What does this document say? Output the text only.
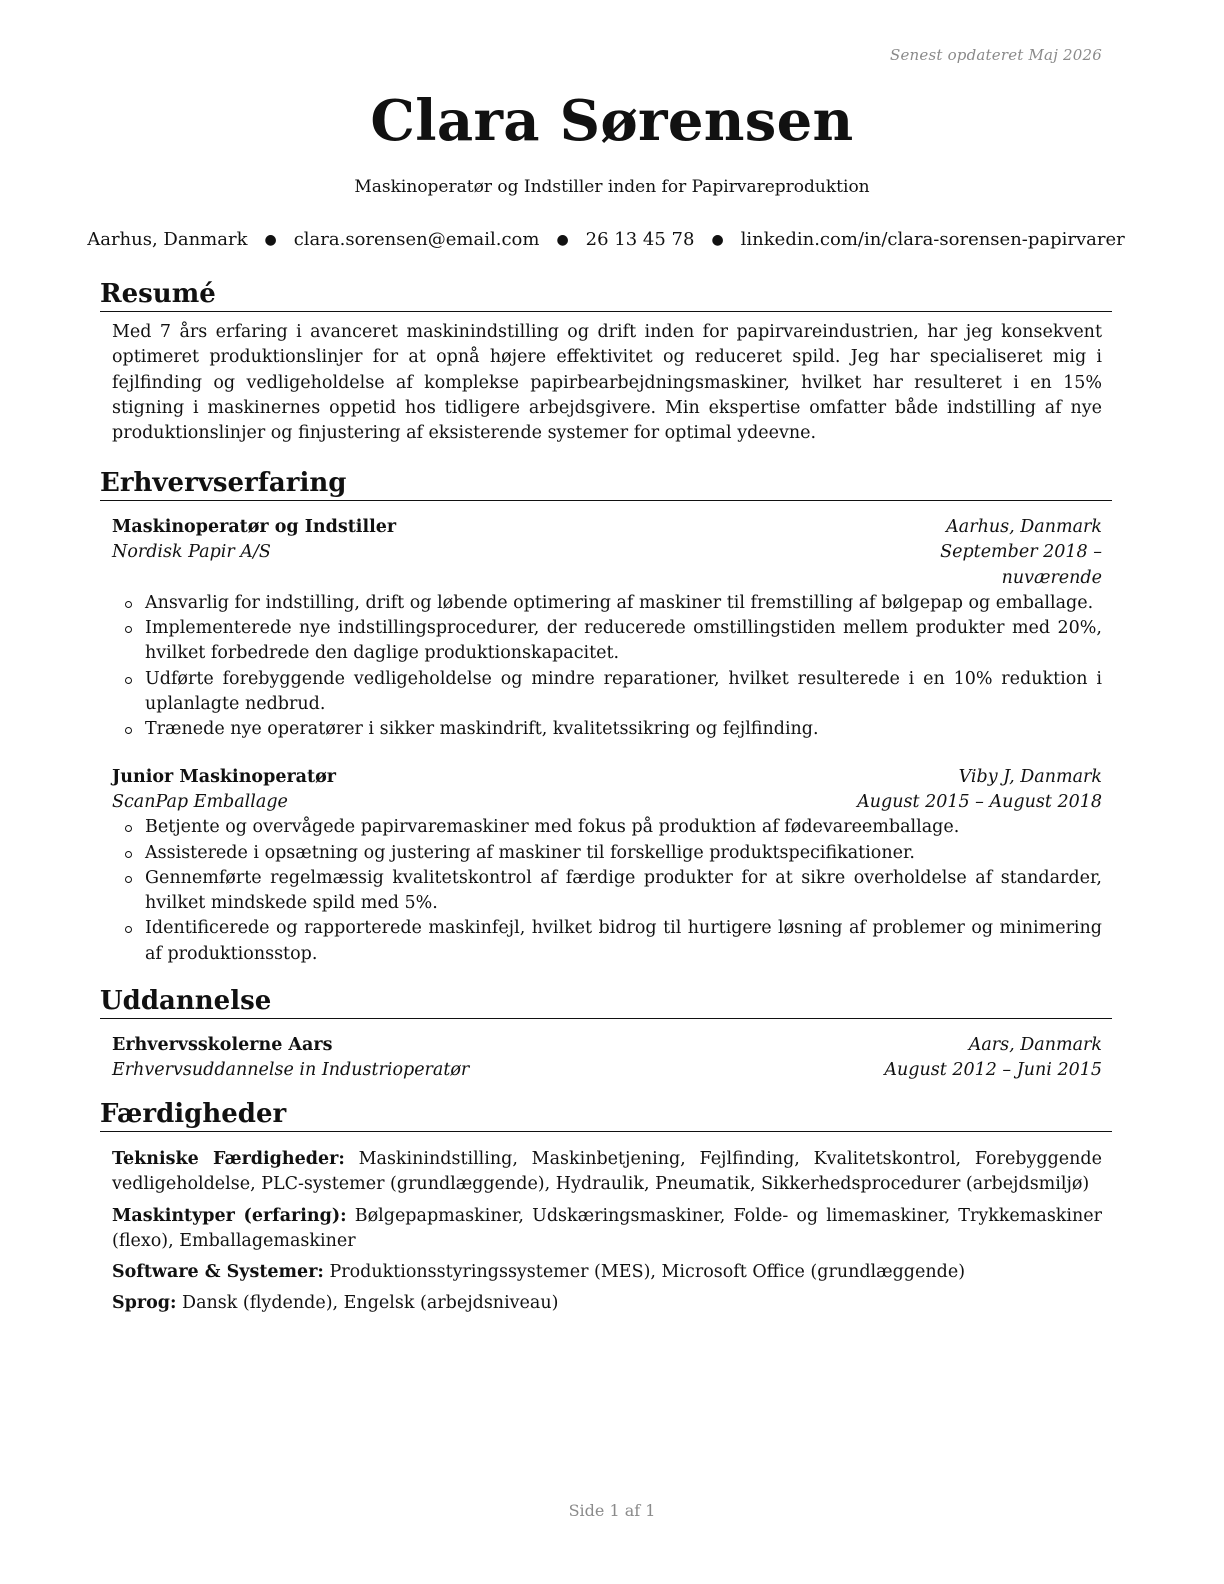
Senest opdateret Maj 2026
Clara Sørensen
Maskinoperatør og Indstiller inden for Papirvareproduktion
Aarhus, Danmark ● clara.sorensen@email.com ● 26 13 45 78 ● linkedin.com/in/clara-sorensen-papirvarer
Resumé

Med 7 års erfaring i avanceret maskinindstilling og drift inden for papirvareindustrien, har jeg konsekvent optimeret produktionslinjer for at opnå højere effektivitet og reduceret spild. Jeg har specialiseret mig i fejlfinding og vedligeholdelse af komplekse papirbearbejdningsmaskiner, hvilket har resulteret i en 15% stigning i maskinernes oppetid hos tidligere arbejdsgivere. Min ekspertise omfatter både indstilling af nye produktionslinjer og finjustering af eksisterende systemer for optimal ydeevne.

Erhvervserfaring
Maskinoperatør og Indstiller	Aarhus, Danmark
Nordisk Papir A/S	September 2018 – nuværende
Ansvarlig for indstilling, drift og løbende optimering af maskiner til fremstilling af bølgepap og emballage.
Implementerede nye indstillingsprocedurer, der reducerede omstillingstiden mellem produkter med 20%, hvilket forbedrede den daglige produktionskapacitet.
Udførte forebyggende vedligeholdelse og mindre reparationer, hvilket resulterede i en 10% reduktion i uplanlagte nedbrud.
Trænede nye operatører i sikker maskindrift, kvalitetssikring og fejlfinding.
Junior Maskinoperatør	Viby J, Danmark
ScanPap Emballage	August 2015 – August 2018
Betjente og overvågede papirvaremaskiner med fokus på produktion af fødevareemballage.
Assisterede i opsætning og justering af maskiner til forskellige produktspecifikationer.
Gennemførte regelmæssig kvalitetskontrol af færdige produkter for at sikre overholdelse af standarder, hvilket mindskede spild med 5%.
Identificerede og rapporterede maskinfejl, hvilket bidrog til hurtigere løsning af problemer og minimering af produktionsstop.
Uddannelse
Erhvervsskolerne Aars	Aars, Danmark
Erhvervsuddannelse in Industrioperatør	August 2012 – Juni 2015
Færdigheder
Tekniske Færdigheder: Maskinindstilling, Maskinbetjening, Fejlfinding, Kvalitetskontrol, Forebyggende vedligeholdelse, PLC-systemer (grundlæggende), Hydraulik, Pneumatik, Sikkerhedsprocedurer (arbejdsmiljø)
Maskintyper (erfaring): Bølgepapmaskiner, Udskæringsmaskiner, Folde- og limemaskiner, Trykkemaskiner (flexo), Emballagemaskiner
Software & Systemer: Produktionsstyringssystemer (MES), Microsoft Office (grundlæggende)
Sprog: Dansk (flydende), Engelsk (arbejdsniveau)
Side 1 af 1
